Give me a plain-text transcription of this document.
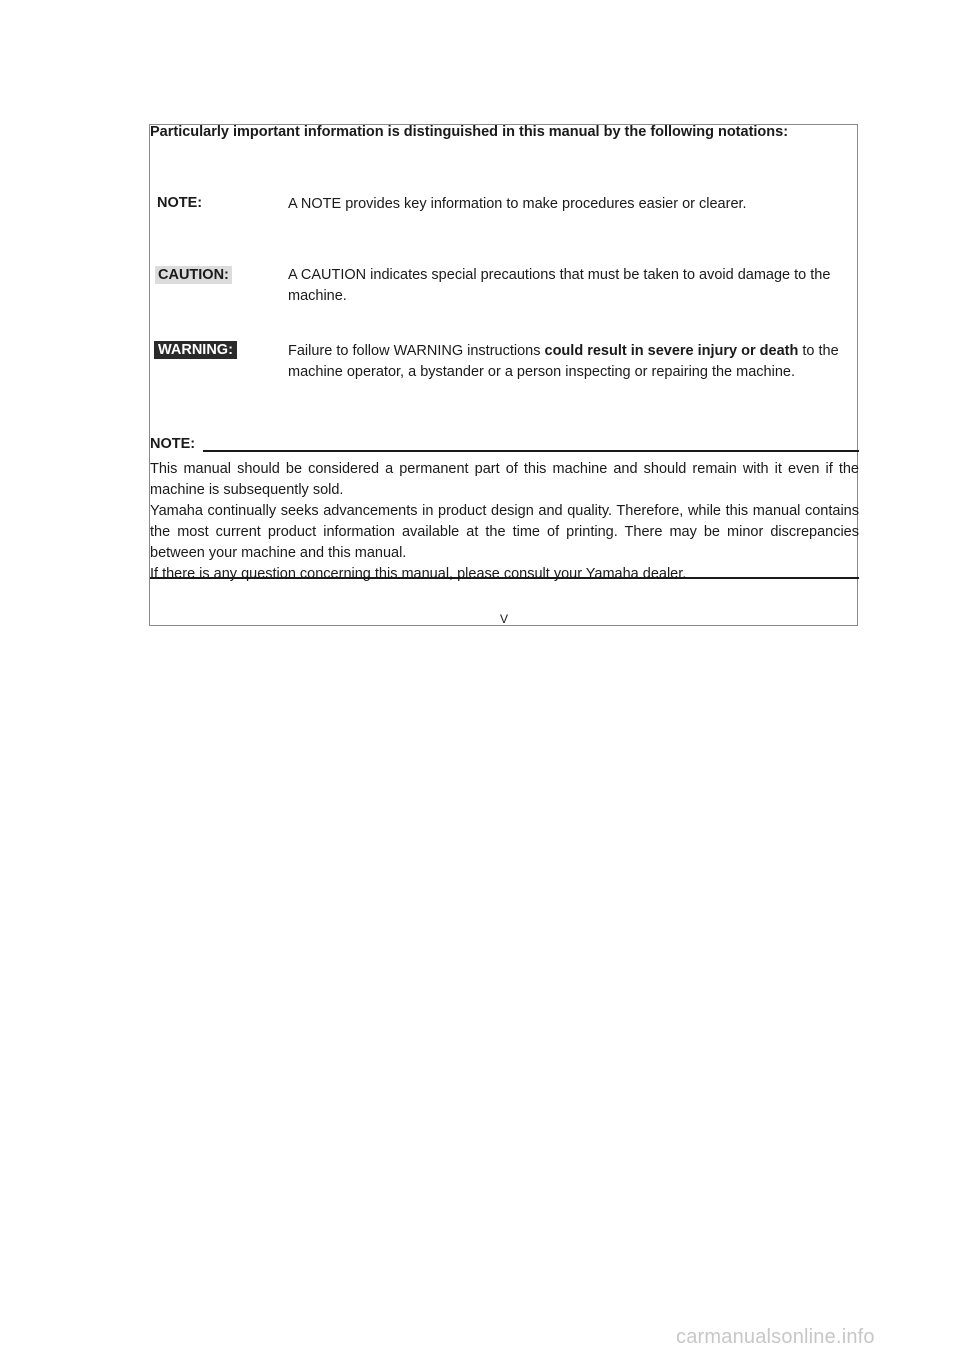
Particularly important information is distinguished in this manual by the following notations:
NOTE:	A NOTE provides key information to make procedures easier or clearer.
CAUTION:	A CAUTION indicates special precautions that must be taken to avoid damage to the machine.
WARNING:	Failure to follow WARNING instructions could result in severe injury or death to the machine operator, a bystander or a person inspecting or repairing the machine.
NOTE:

This manual should be considered a permanent part of this machine and should remain with it even if the machine is subsequently sold.

Yamaha continually seeks advancements in product design and quality. Therefore, while this manual contains the most current product information available at the time of printing. There may be minor discrepancies between your machine and this manual.

If there is any question concerning this manual, please consult your Yamaha dealer.

V
carmanualsonline.info
